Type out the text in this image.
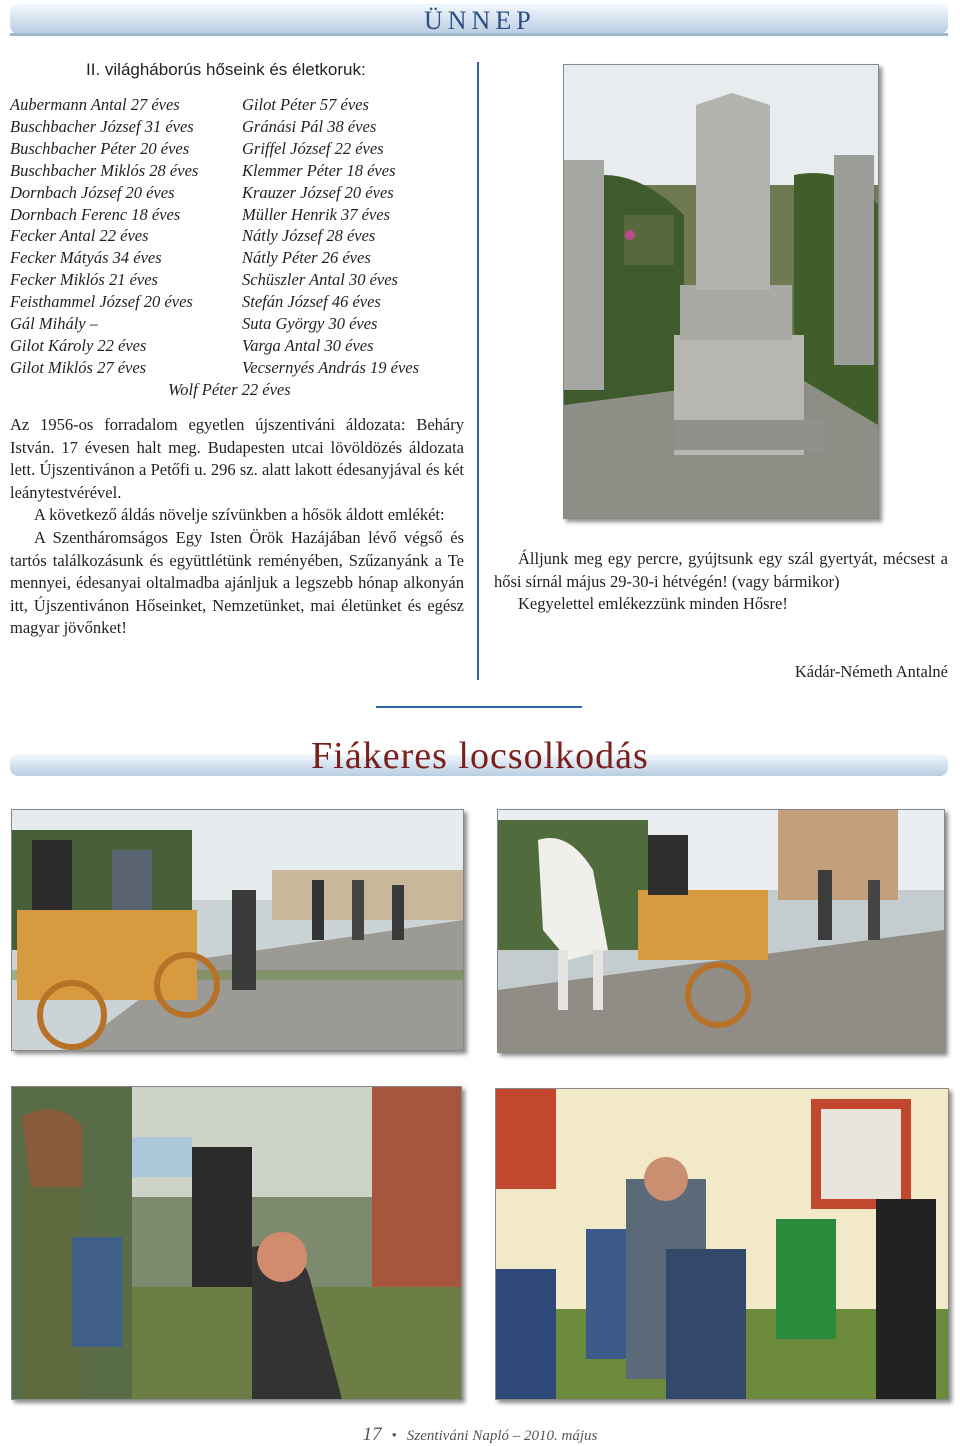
ÜNNEP
II. világháborús hőseink és életkoruk:
Aubermann Antal 27 éves
Buschbacher József 31 éves
Buschbacher Péter 20 éves
Buschbacher Miklós 28 éves
Dornbach József 20 éves
Dornbach Ferenc 18 éves
Fecker Antal 22 éves
Fecker Mátyás 34 éves
Fecker Miklós 21 éves
Feisthammel József 20 éves
Gál Mihály –
Gilot Károly 22 éves
Gilot Miklós 27 éves
Gilot Péter 57 éves
Gránási Pál 38 éves
Griffel József 22 éves
Klemmer Péter 18 éves
Krauzer József 20 éves
Müller Henrik 37 éves
Nátly József 28 éves
Nátly Péter 26 éves
Schüszler Antal 30 éves
Stefán József 46 éves
Suta György 30 éves
Varga Antal 30 éves
Vecsernyés András 19 éves
Wolf Péter 22 éves

Az 1956-os forradalom egyetlen újszentiváni áldozata: Beháry István. 17 évesen halt meg. Budapesten utcai lövöldözés áldozata lett. Újszentivánon a Petőfi u. 296 sz. alatt lakott édesanyjával és két leánytestvérével.

A következő áldás növelje szívünkben a hősök áldott emlékét:

A Szentháromságos Egy Isten Örök Hazájában lévő végső és tartós találkozásunk és együttlétünk reményében, Szűzanyánk a Te mennyei, édesanyai oltalmadba ajánljuk a legszebb hónap alkonyán itt, Újszentivánon Hőseinket, Nemzetünket, mai életünket és egész magyar jövőnket!

Álljunk meg egy percre, gyújtsunk egy szál gyertyát, mécsest a hősi sírnál május 29-30-i hétvégén! (vagy bármikor)

Kegyelettel emlékezzünk minden Hősre!

Kádár-Németh Antalné
Fiákeres locsolkodás
17 • Szentiváni Napló – 2010. május
